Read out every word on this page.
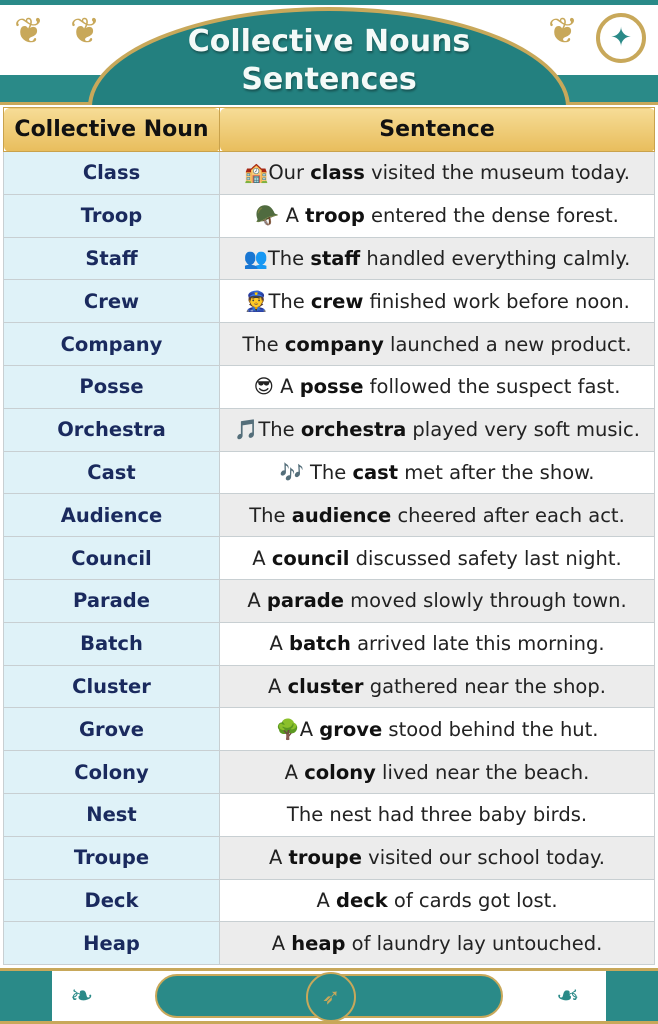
❦ ❦	❦	✦
Collective Nouns
Sentences
Collective Noun	Sentence
Class	🏫Our class visited the museum today.
Troop	🪖 A troop entered the dense forest.
Staff	👥The staff handled everything calmly.
Crew	👮The crew finished work before noon.
Company	The company launched a new product.
Posse	😎 A posse followed the suspect fast.
Orchestra	🎵The orchestra played very soft music.
Cast	🎶 The cast met after the show.
Audience	The audience cheered after each act.
Council	A council discussed safety last night.
Parade	A parade moved slowly through town.
Batch	A batch arrived late this morning.
Cluster	A cluster gathered near the shop.
Grove	🌳A grove stood behind the hut.
Colony	A colony lived near the beach.
Nest	The nest had three baby birds.
Troupe	A troupe visited our school today.
Deck	A deck of cards got lost.
Heap	A heap of laundry lay untouched.
❧	❧
➶
